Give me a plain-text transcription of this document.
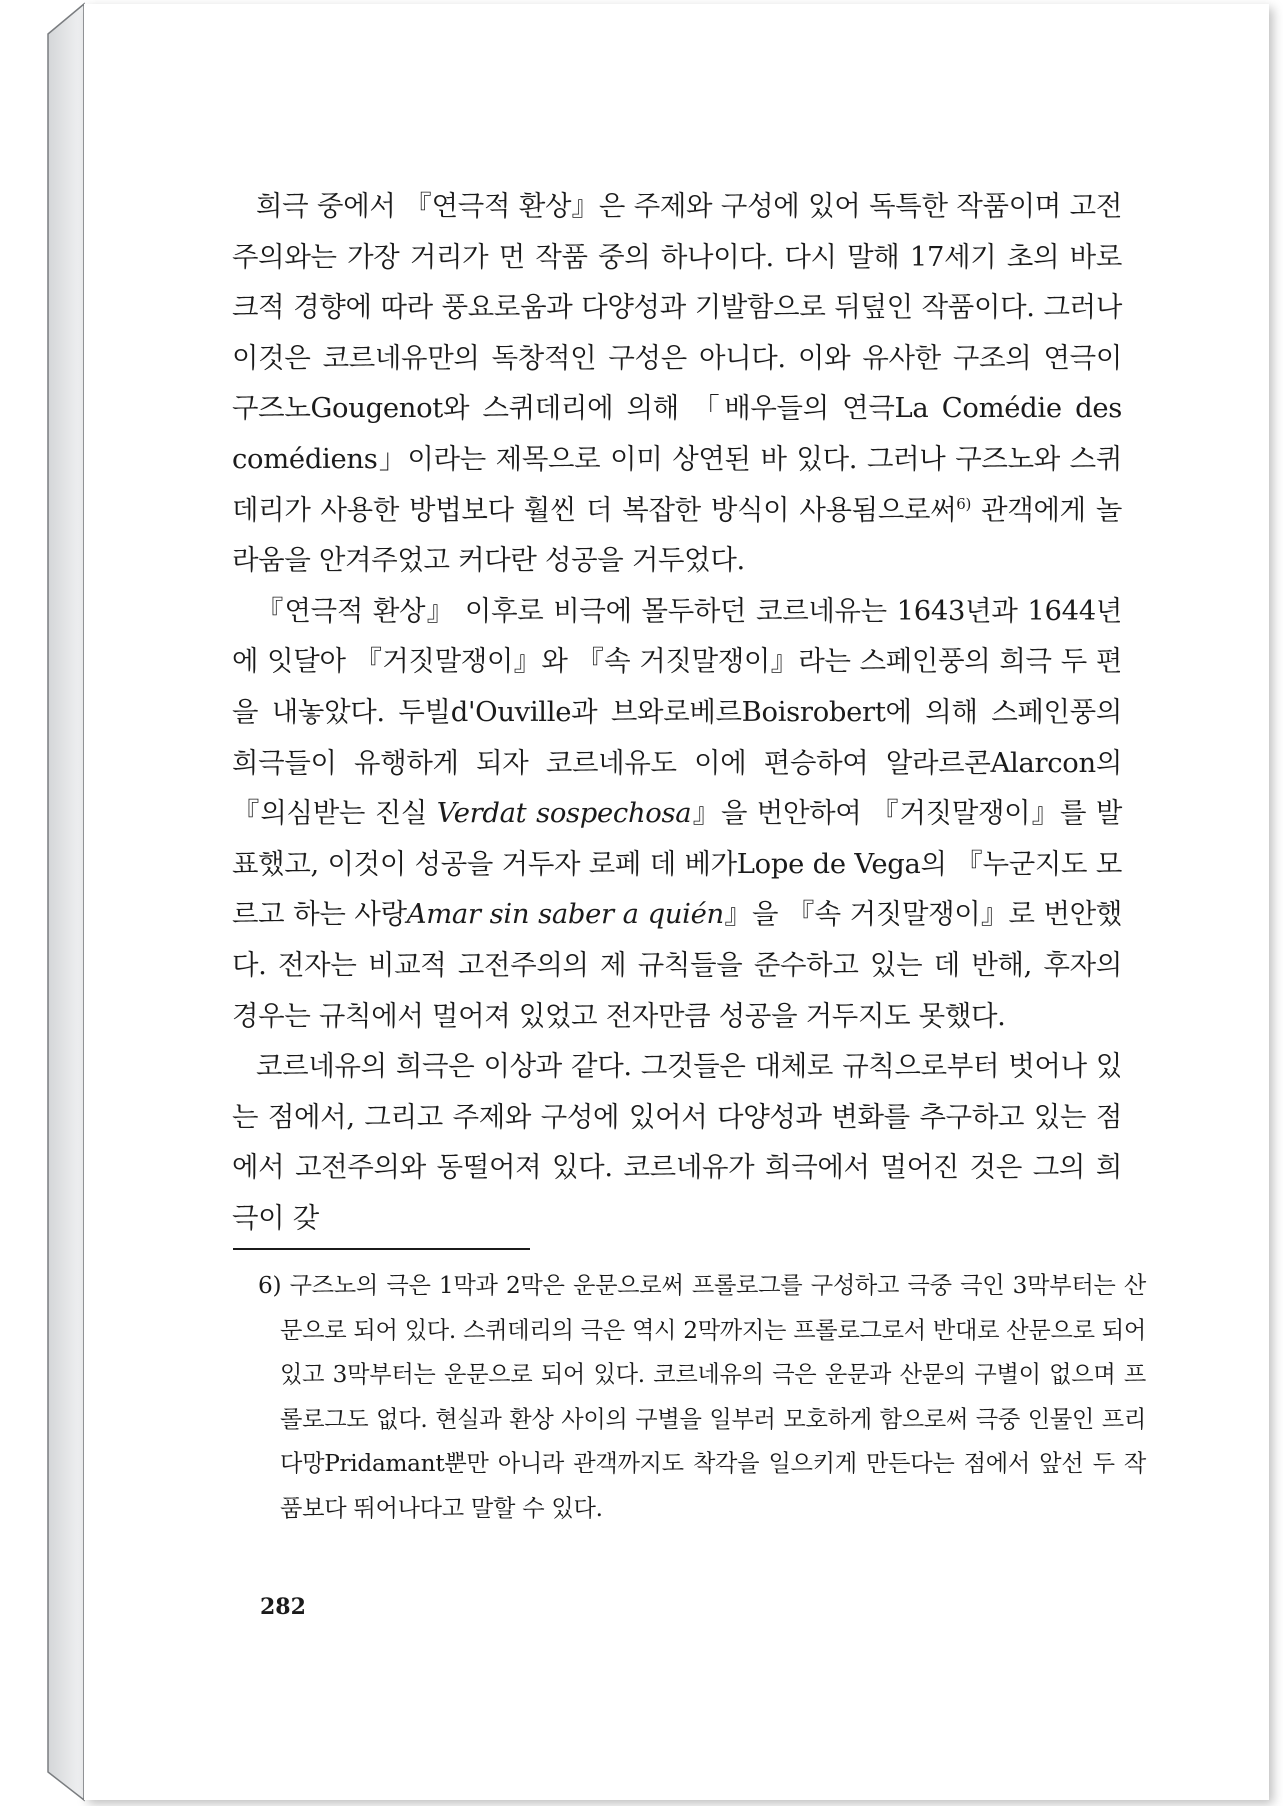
희극 중에서 『연극적 환상』은 주제와 구성에 있어 독특한 작품이며 고전주의와는 가장 거리가 먼 작품 중의 하나이다. 다시 말해 17세기 초의 바로크적 경향에 따라 풍요로움과 다양성과 기발함으로 뒤덮인 작품이다. 그러나 이것은 코르네유만의 독창적인 구성은 아니다. 이와 유사한 구조의 연극이 구즈노Gougenot와 스퀴데리에 의해 「배우들의 연극La Comédie des comédiens」이라는 제목으로 이미 상연된 바 있다. 그러나 구즈노와 스퀴데리가 사용한 방법보다 훨씬 더 복잡한 방식이 사용됨으로써$^{6)}$ 관객에게 놀라움을 안겨주었고 커다란 성공을 거두었다.

『연극적 환상』 이후로 비극에 몰두하던 코르네유는 1643년과 1644년에 잇달아 『거짓말쟁이』와 『속 거짓말쟁이』라는 스페인풍의 희극 두 편을 내놓았다. 두빌d'Ouville과 브와로베르Boisrobert에 의해 스페인풍의 희극들이 유행하게 되자 코르네유도 이에 편승하여 알라르콘Alarcon의 『의심받는 진실 Verdat sospechosa』을 번안하여 『거짓말쟁이』를 발표했고, 이것이 성공을 거두자 로페 데 베가Lope de Vega의 『누군지도 모르고 하는 사랑Amar sin saber a quién』을 『속 거짓말쟁이』로 번안했다. 전자는 비교적 고전주의의 제 규칙들을 준수하고 있는 데 반해, 후자의 경우는 규칙에서 멀어져 있었고 전자만큼 성공을 거두지도 못했다.

코르네유의 희극은 이상과 같다. 그것들은 대체로 규칙으로부터 벗어나 있는 점에서, 그리고 주제와 구성에 있어서 다양성과 변화를 추구하고 있는 점에서 고전주의와 동떨어져 있다. 코르네유가 희극에서 멀어진 것은 그의 희극이 갖

6) 구즈노의 극은 1막과 2막은 운문으로써 프롤로그를 구성하고 극중 극인 3막부터는 산문으로 되어 있다. 스퀴데리의 극은 역시 2막까지는 프롤로그로서 반대로 산문으로 되어 있고 3막부터는 운문으로 되어 있다. 코르네유의 극은 운문과 산문의 구별이 없으며 프롤로그도 없다. 현실과 환상 사이의 구별을 일부러 모호하게 함으로써 극중 인물인 프리다망Pridamant뿐만 아니라 관객까지도 착각을 일으키게 만든다는 점에서 앞선 두 작품보다 뛰어나다고 말할 수 있다.
282
